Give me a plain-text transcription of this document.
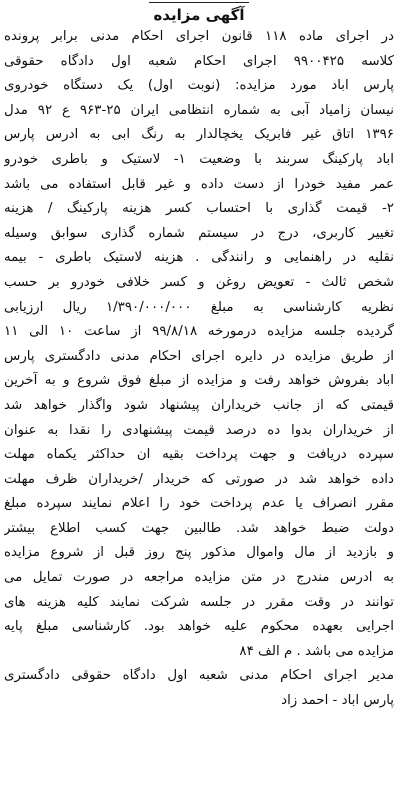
آگهی مزایده
در اجرای ماده ۱۱۸ قانون اجرای احکام مدنی برابر پرونده
کلاسه ۹۹۰۰۴۲۵ اجرای احکام شعبه اول دادگاه حقوقی
پارس اباد مورد مزایده: (نوبت اول) یک دستگاه خودروی
نیسان زامیاد آبی به شماره انتظامی ایران ۲۵-۹۶۳ ع ۹۲ مدل
۱۳۹۶ اتاق غیر فابریک یخچالدار به رنگ ابی به ادرس پارس
اباد پارکینگ سربند با وضعیت ۱- لاستیک و باطری خودرو
عمر مفید خودرا از دست داده و غیر قابل استفاده می باشد
۲- قیمت گذاری با احتساب کسر هزینه پارکینگ / هزینه
تغییر کاربری، درج در سیستم شماره گذاری سوابق وسیله
نقلیه در راهنمایی و رانندگی . هزینه لاستیک باطری - بیمه
شخص ثالث - تعویض روغن و کسر خلافی خودرو بر حسب
نظریه کارشناسی به مبلغ ۱/۳۹۰/۰۰۰/۰۰۰ ریال ارزیابی
گردیده جلسه مزایده درمورخه ۹۹/۸/۱۸ از ساعت ۱۰ الی ۱۱
از طریق مزایده در دایره اجرای احکام مدنی دادگستری پارس
اباد بفروش خواهد رفت و مزایده از مبلغ فوق شروع و به آخرین
قیمتی که از جانب خریداران پیشنهاد شود واگذار خواهد شد
از خریداران بدوا ده درصد قیمت پیشنهادی را نقدا به عنوان
سپرده دریافت و جهت پرداخت بقیه ان حداکثر یکماه مهلت
داده خواهد شد در صورتی که خریدار /خریداران ظرف مهلت
مقرر انصراف یا عدم پرداخت خود را اعلام نمایند سپرده مبلغ
دولت ضبط خواهد شد. طالبین جهت کسب اطلاع بیشتر
و بازدید از مال واموال مذکور پنج روز قبل از شروع مزایده
به ادرس مندرج در متن مزایده مراجعه در صورت تمایل می
توانند در وقت مقرر در جلسه شرکت نمایند کلیه هزینه های
اجرایی بعهده محکوم علیه خواهد بود. کارشناسی مبلغ پایه
مزایده می باشد . م الف ۸۴
مدیر اجرای احکام مدنی شعبه اول دادگاه حقوقی دادگستری
پارس اباد - احمد زاد
